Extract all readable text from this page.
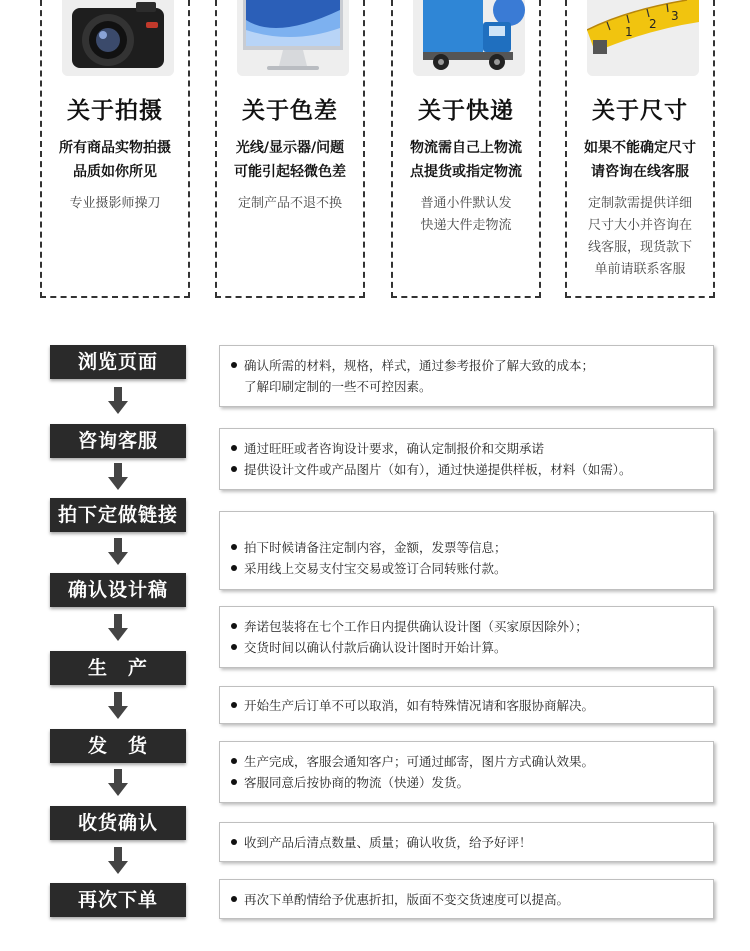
关于拍摄
所有商品实物拍摄
品质如你所见
专业摄影师操刀
关于色差
光线/显示器/问题
可能引起轻微色差
定制产品不退不换
关于快递
物流需自己上物流
点提货或指定物流
普通小件默认发
快递大件走物流
1
2
3
关于尺寸
如果不能确定尺寸
请咨询在线客服
定制款需提供详细
尺寸大小并咨询在
线客服，现货款下
单前请联系客服
浏览页面
咨询客服
拍下定做链接
确认设计稿
生　产
发　货
收货确认
再次下单
确认所需的材料，规格，样式，通过参考报价了解大致的成本；
了解印刷定制的一些不可控因素。
通过旺旺或者咨询设计要求，确认定制报价和交期承诺
提供设计文件或产品图片（如有），通过快递提供样板，材料（如需）。
拍下时候请备注定制内容，金额，发票等信息；
采用线上交易支付宝交易或签订合同转账付款。
奔诺包装将在七个工作日内提供确认设计图（买家原因除外）；
交货时间以确认付款后确认设计图时开始计算。
开始生产后订单不可以取消，如有特殊情况请和客服协商解决。
生产完成，客服会通知客户；可通过邮寄，图片方式确认效果。
客服同意后按协商的物流（快递）发货。
收到产品后清点数量、质量；确认收货，给予好评！
再次下单酌情给予优惠折扣，版面不变交货速度可以提高。
